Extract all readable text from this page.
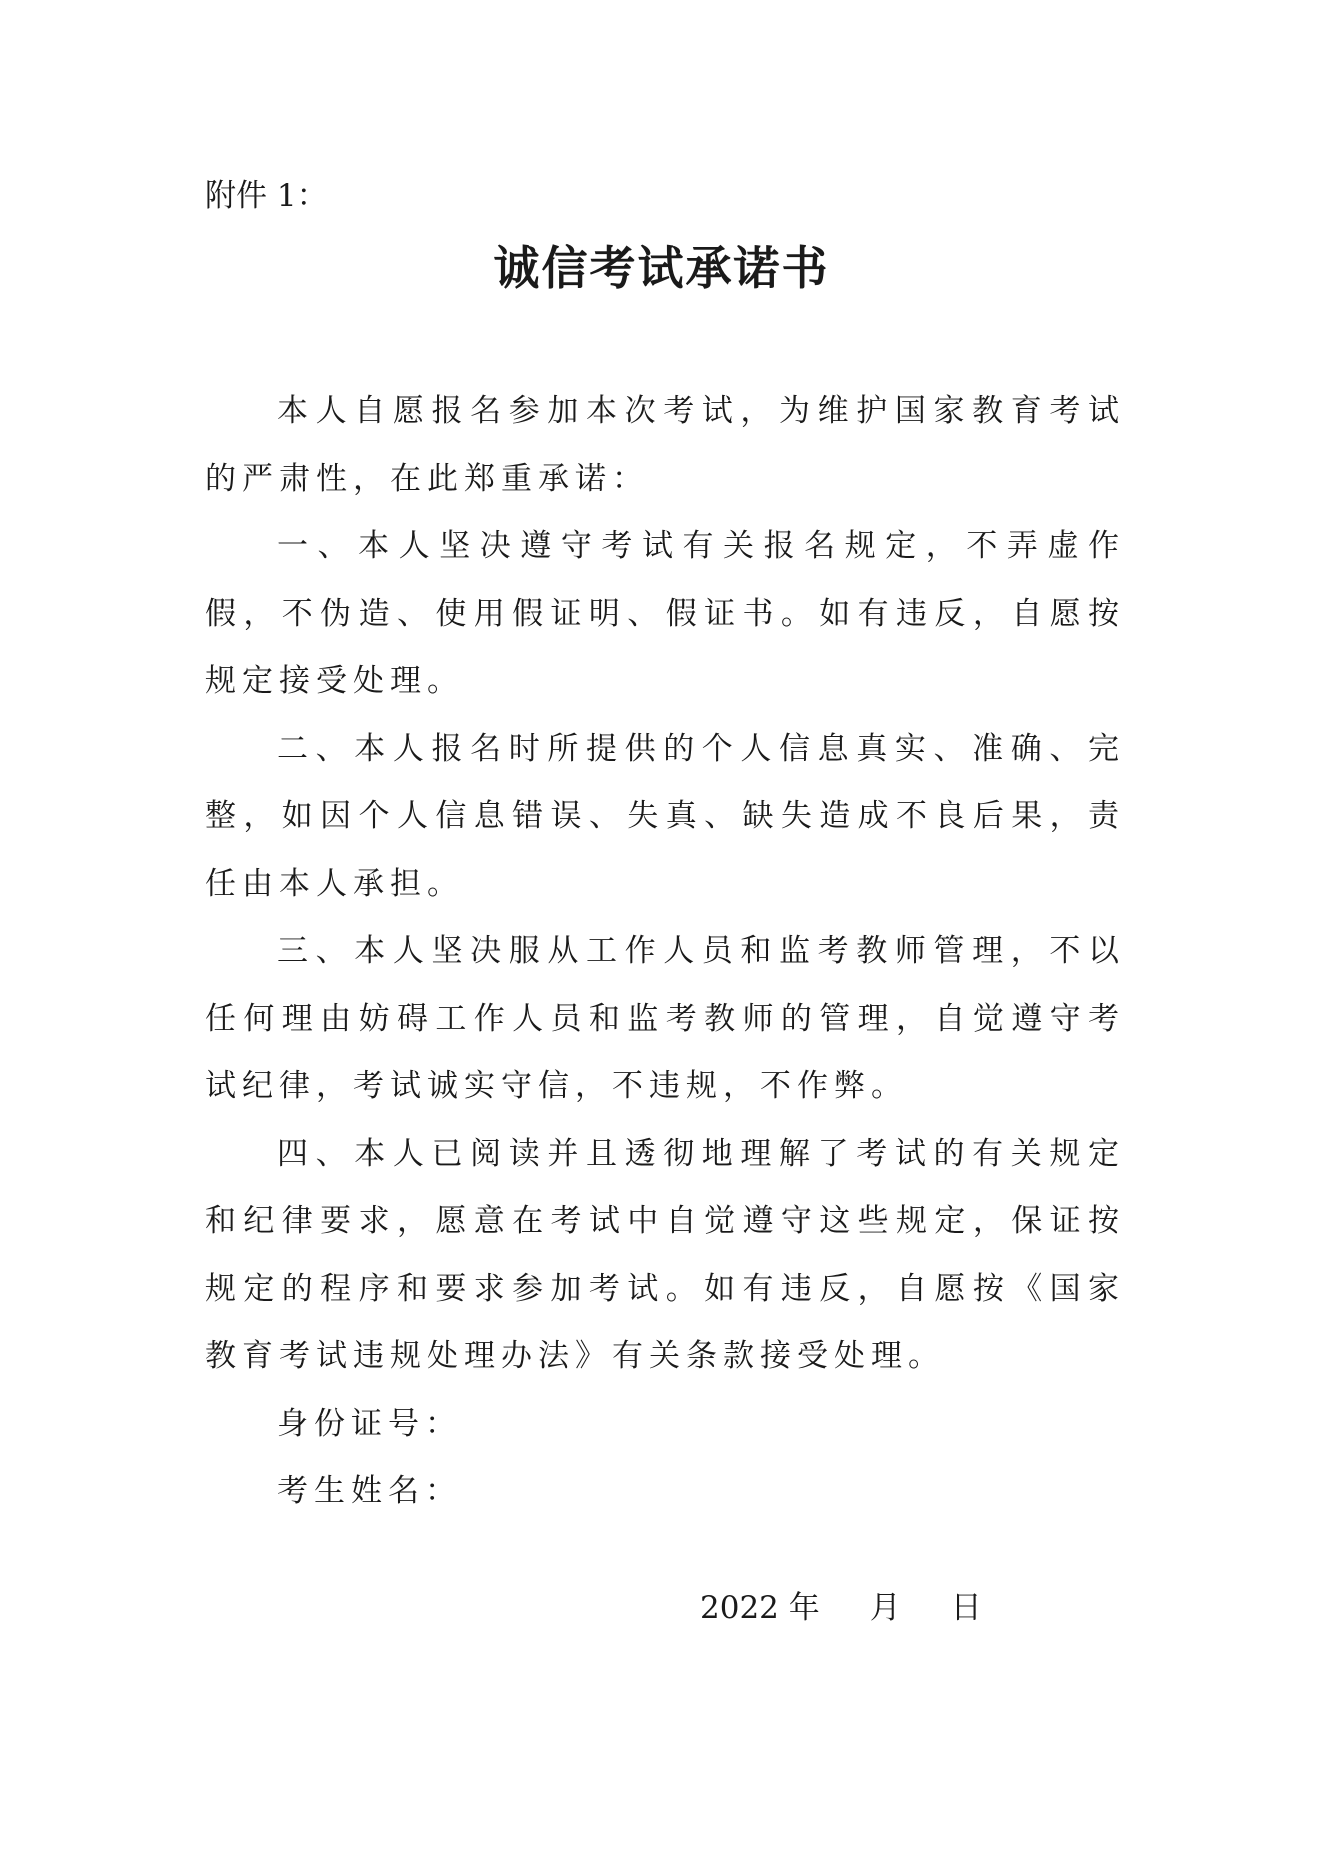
附件 1：
诚信考试承诺书

本人自愿报名参加本次考试，为维护国家教育考试的严肃性，在此郑重承诺：

一、本人坚决遵守考试有关报名规定，不弄虚作假，不伪造、使用假证明、假证书。如有违反，自愿按规定接受处理。

二、本人报名时所提供的个人信息真实、准确、完整，如因个人信息错误、失真、缺失造成不良后果，责任由本人承担。

三、本人坚决服从工作人员和监考教师管理，不以任何理由妨碍工作人员和监考教师的管理，自觉遵守考试纪律，考试诚实守信，不违规，不作弊。

四、本人已阅读并且透彻地理解了考试的有关规定和纪律要求，愿意在考试中自觉遵守这些规定，保证按规定的程序和要求参加考试。如有违反，自愿按《国家教育考试违规处理办法》有关条款接受处理。

身份证号：

考生姓名：

2022 年 月 日
